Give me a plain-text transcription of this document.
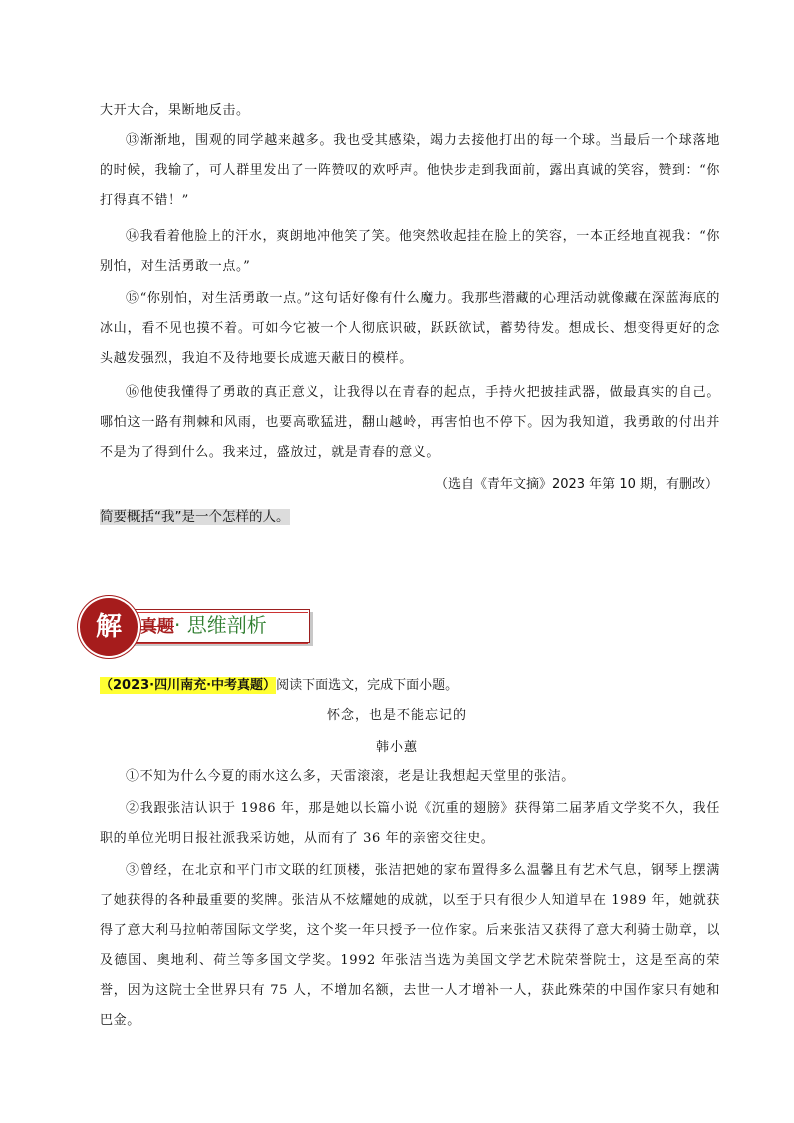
大开大合，果断地反击。

⑬渐渐地，围观的同学越来越多。我也受其感染，竭力去接他打出的每一个球。当最后一个球落地的时候，我输了，可人群里发出了一阵赞叹的欢呼声。他快步走到我面前，露出真诚的笑容，赞到：“你打得真不错！”

⑭我看着他脸上的汗水，爽朗地冲他笑了笑。他突然收起挂在脸上的笑容，一本正经地直视我：“你别怕，对生活勇敢一点。”

⑮“你别怕，对生活勇敢一点。”这句话好像有什么魔力。我那些潜藏的心理活动就像藏在深蓝海底的冰山，看不见也摸不着。可如今它被一个人彻底识破，跃跃欲试，蓄势待发。想成长、想变得更好的念头越发强烈，我迫不及待地要长成遮天蔽日的模样。

⑯他使我懂得了勇敢的真正意义，让我得以在青春的起点，手持火把披挂武器，做最真实的自己。哪怕这一路有荆棘和风雨，也要高歌猛进，翻山越岭，再害怕也不停下。因为我知道，我勇敢的付出并不是为了得到什么。我来过，盛放过，就是青春的意义。

（选自《青年文摘》2023 年第 10 期，有删改）
简要概括“我”是一个怎样的人。
解	真题· 思维剖析
（2023·四川南充·中考真题）阅读下面选文，完成下面小题。
怀念，也是不能忘记的
韩小蕙

①不知为什么今夏的雨水这么多，天雷滚滚，老是让我想起天堂里的张洁。

②我跟张洁认识于 1986 年，那是她以长篇小说《沉重的翅膀》获得第二届茅盾文学奖不久，我任职的单位光明日报社派我采访她，从而有了 36 年的亲密交往史。

③曾经，在北京和平门市文联的红顶楼，张洁把她的家布置得多么温馨且有艺术气息，钢琴上摆满了她获得的各种最重要的奖牌。张洁从不炫耀她的成就，以至于只有很少人知道早在 1989 年，她就获得了意大利马拉帕蒂国际文学奖，这个奖一年只授予一位作家。后来张洁又获得了意大利骑士勋章，以及德国、奥地利、荷兰等多国文学奖。1992 年张洁当选为美国文学艺术院荣誉院士，这是至高的荣誉，因为这院士全世界只有 75 人，不增加名额，去世一人才增补一人，获此殊荣的中国作家只有她和巴金。
